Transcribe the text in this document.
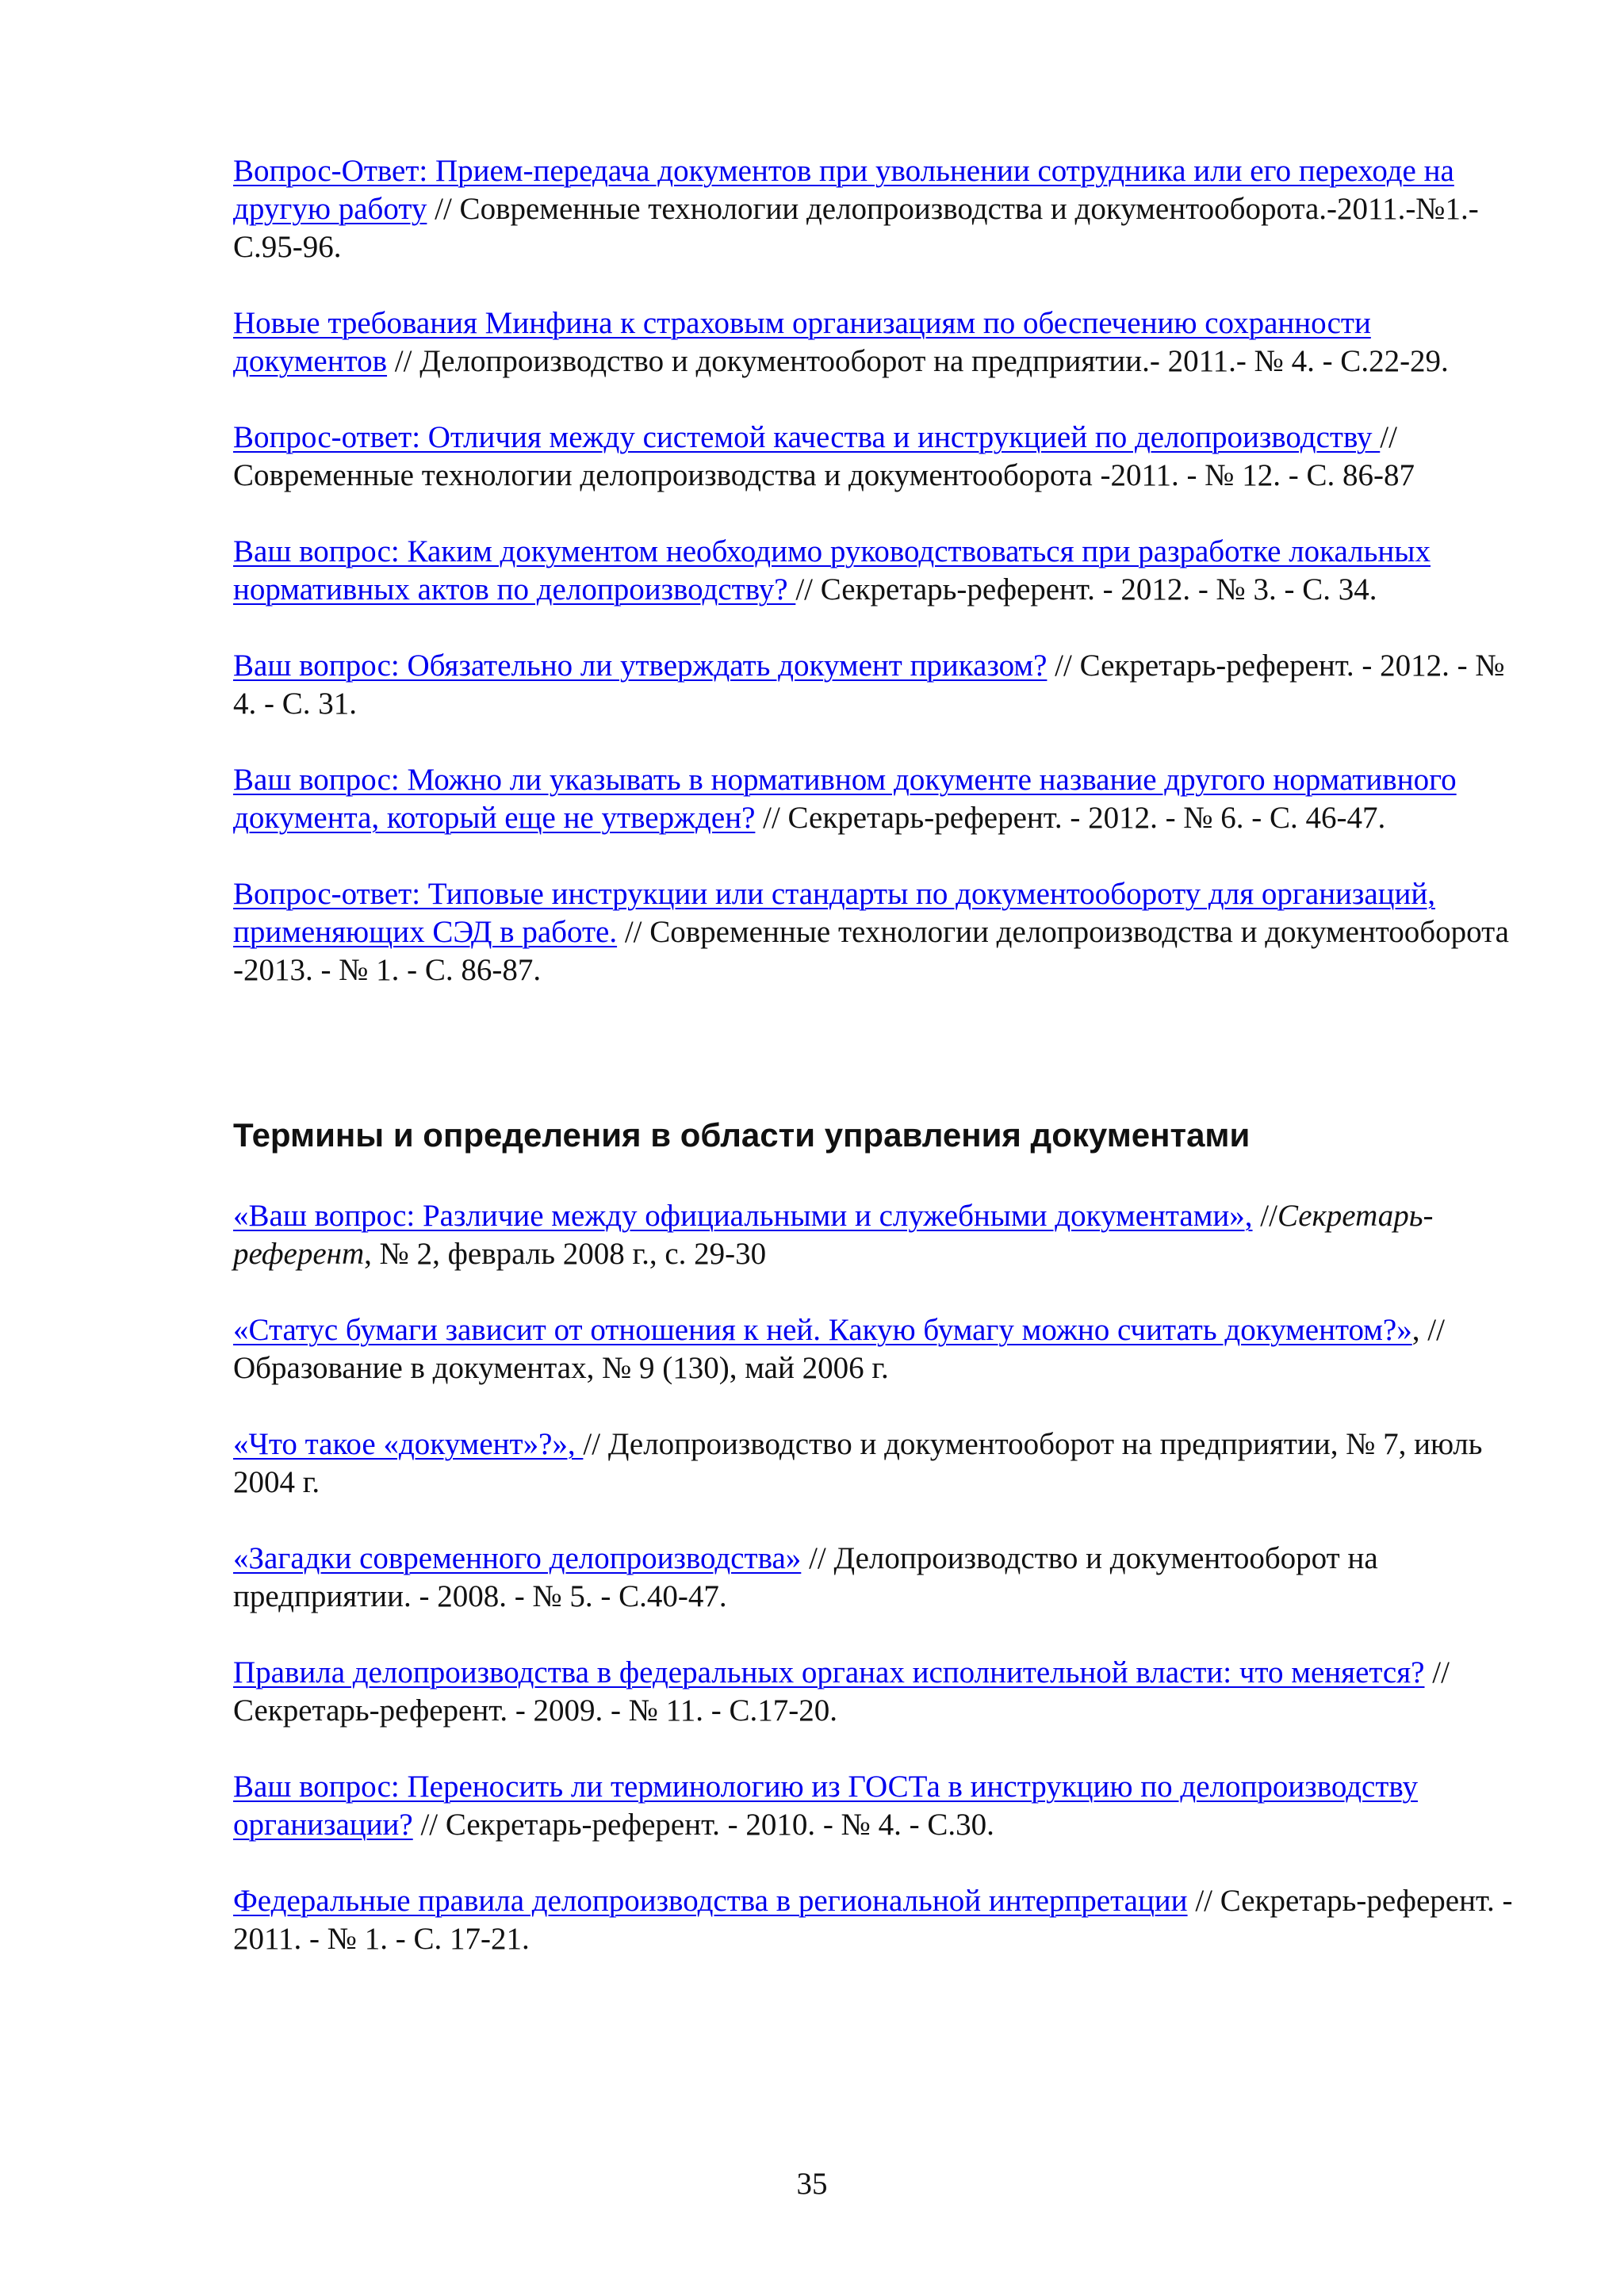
Вопрос-Ответ: Прием-передача документов при увольнении сотрудника или его переходе на другую работу // Современные технологии делопроизводства и документооборота.-2011.-№1.- С.95-96.

Новые требования Минфина к страховым организациям по обеспечению сохранности документов // Делопроизводство и документооборот на предприятии.- 2011.- № 4. - С.22-29.

Вопрос-ответ: Отличия между системой качества и инструкцией по делопроизводству // Современные технологии делопроизводства и документооборота -2011. - № 12. - С. 86-87

Ваш вопрос: Каким документом необходимо руководствоваться при разработке локальных нормативных актов по делопроизводству? // Секретарь-референт. - 2012. - № 3. - С. 34.

Ваш вопрос: Обязательно ли утверждать документ приказом? // Секретарь-референт. - 2012. - № 4. - С. 31.

Ваш вопрос: Можно ли указывать в нормативном документе название другого нормативного документа, который еще не утвержден? // Секретарь-референт. - 2012. - № 6. - С. 46-47.

Вопрос-ответ: Типовые инструкции или стандарты по документообороту для организаций, применяющих СЭД в работе. // Современные технологии делопроизводства и документооборота -2013. - № 1. - С. 86-87.

Термины и определения в области управления документами

«Ваш вопрос: Различие между официальными и служебными документами», //Секретарь-референт, № 2, февраль 2008 г., с. 29-30

«Статус бумаги зависит от отношения к ней. Какую бумагу можно считать документом?», // Образование в документах, № 9 (130), май 2006 г.

«Что такое «документ»?», // Делопроизводство и документооборот на предприятии, № 7, июль 2004 г.

«Загадки современного делопроизводства» // Делопроизводство и документооборот на предприятии. - 2008. - № 5. - С.40-47.

Правила делопроизводства в федеральных органах исполнительной власти: что меняется? // Секретарь-референт. - 2009. - № 11. - С.17-20.

Ваш вопрос: Переносить ли терминологию из ГОСТа в инструкцию по делопроизводству организации? // Секретарь-референт. - 2010. - № 4. - С.30.

Федеральные правила делопроизводства в региональной интерпретации // Секретарь-референт. - 2011. - № 1. - С. 17-21.

35
